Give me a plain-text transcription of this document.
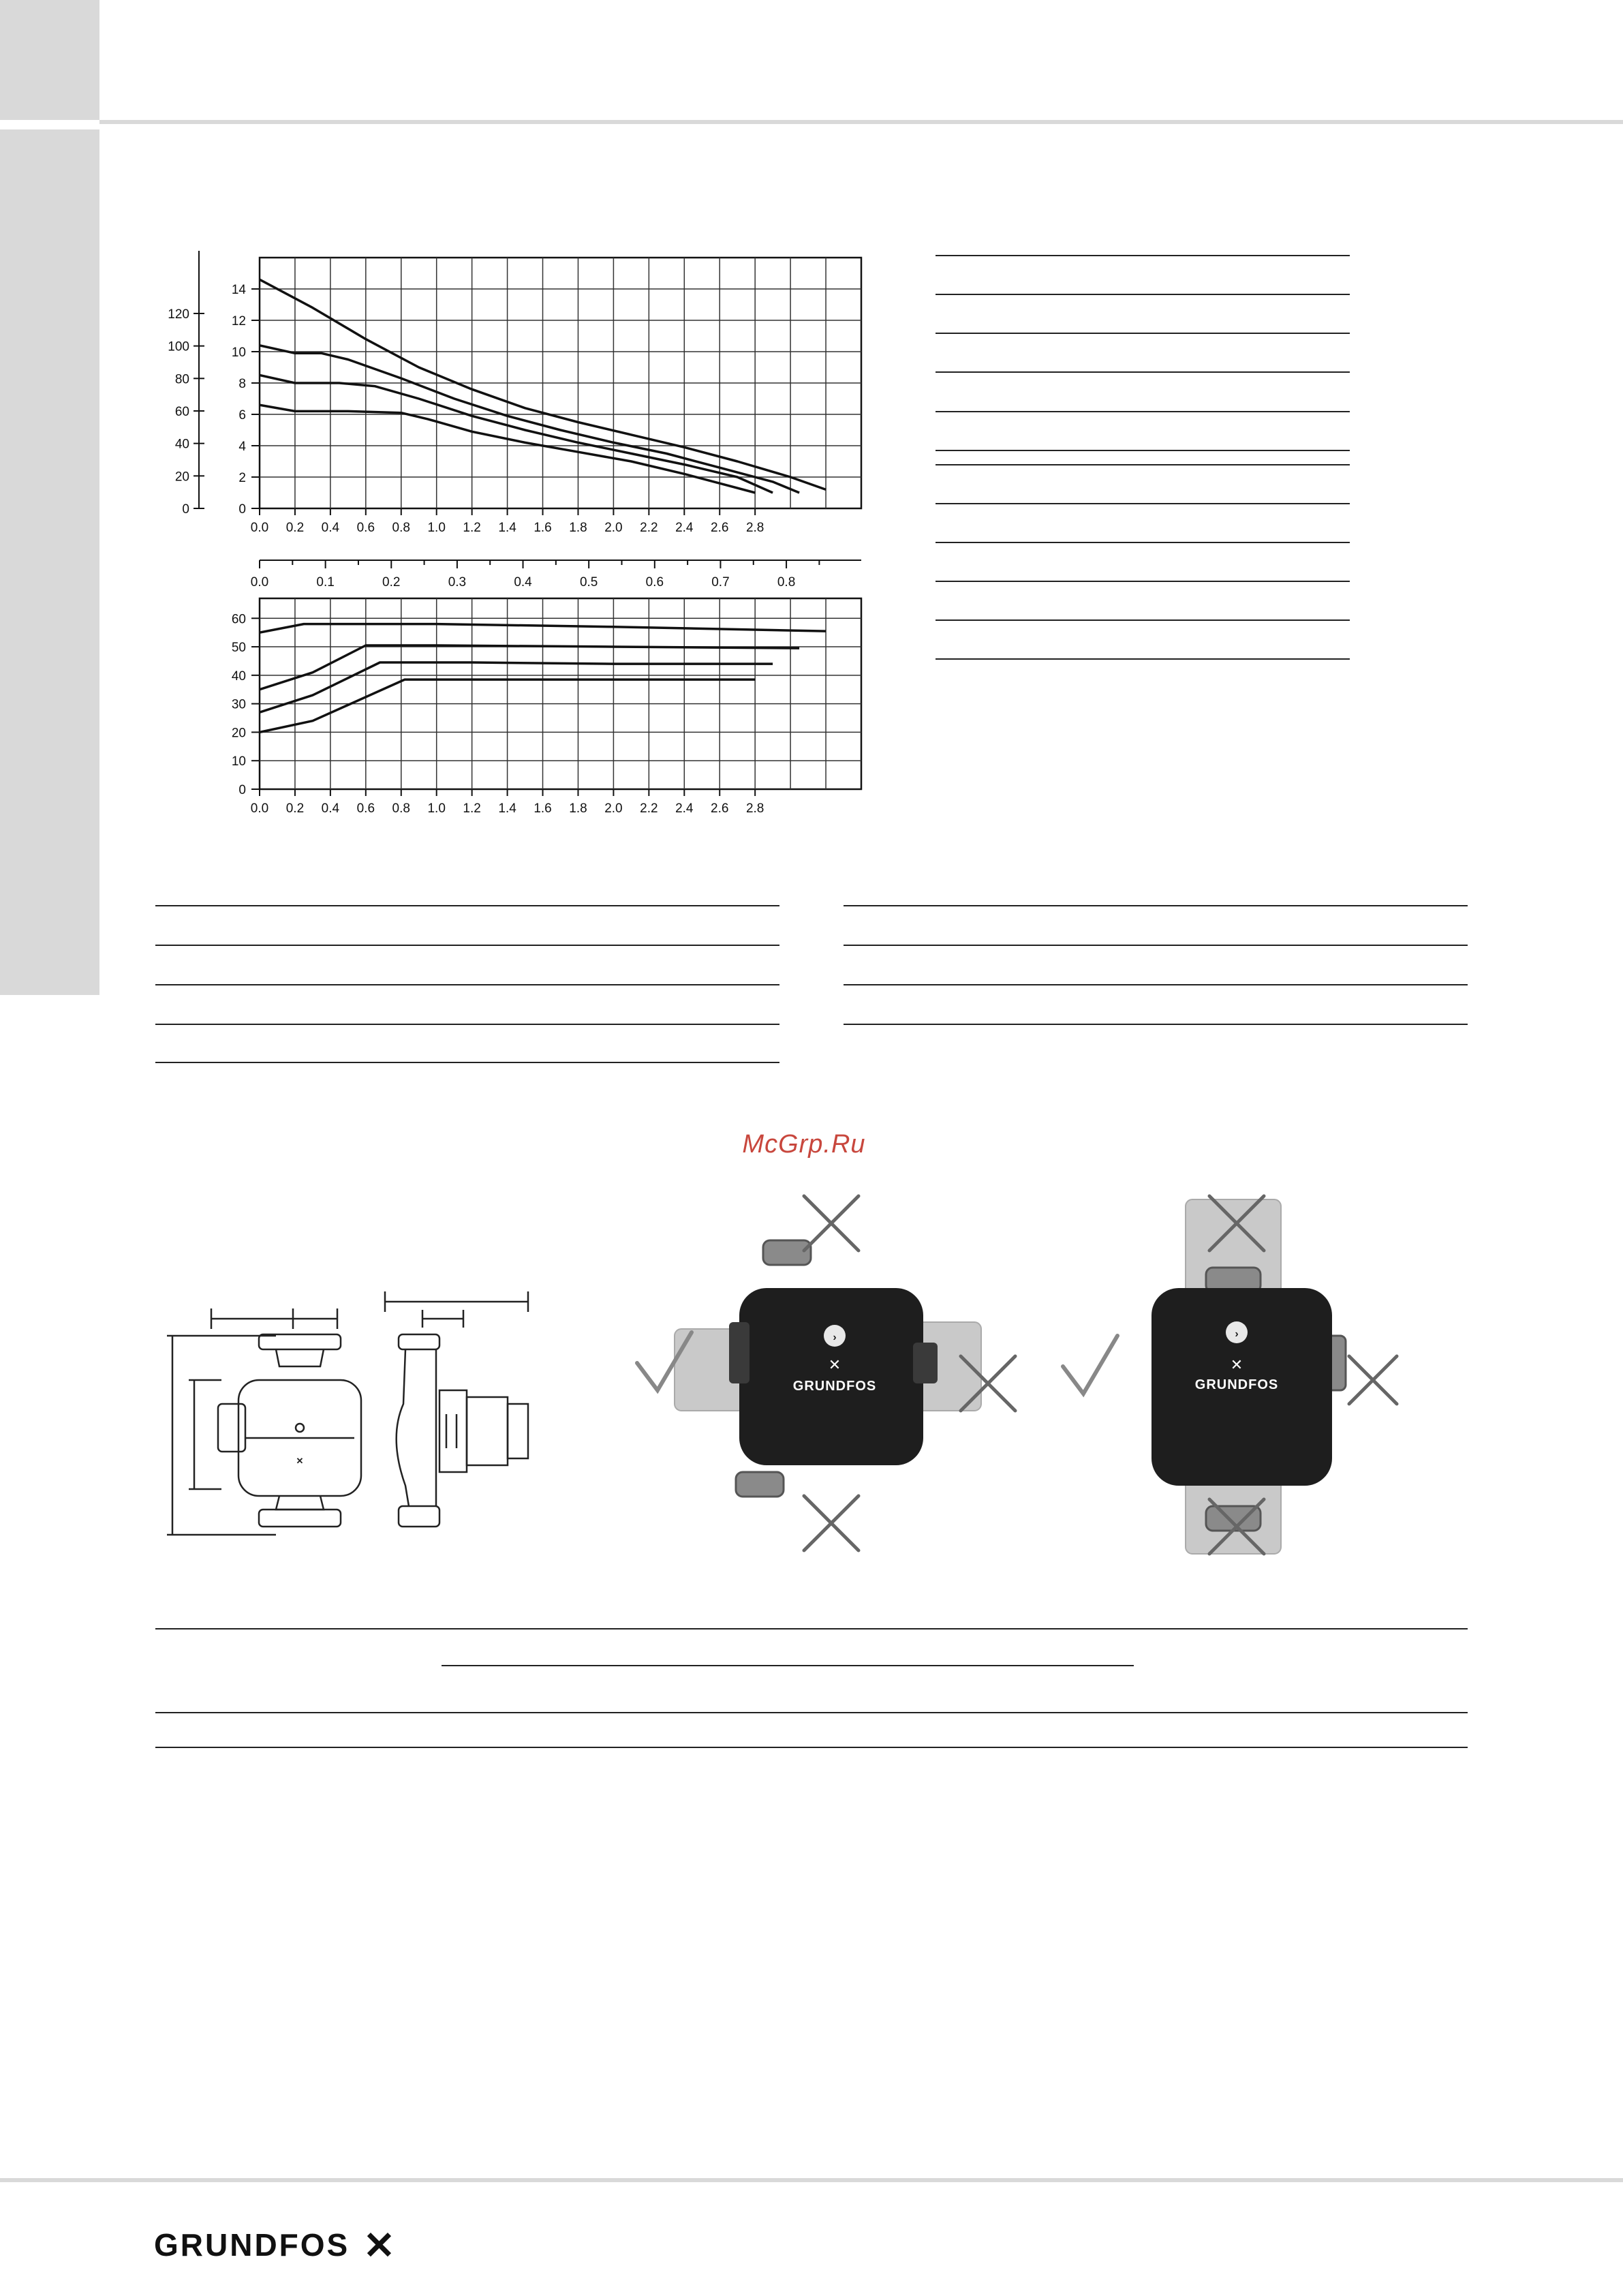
0.0 0.2 0.4 0.6 0.8 1.0 1.2 1.4 1.6 1.8 2.0 2.2 2.4 2.6 2.8
0
2
4
6
8
10
12
14
0
20
40
60
80
100
120
0.0	0.1	0.2	0.3	0.4	0.5	0.6	0.7	0.8
0.0 0.2 0.4 0.6 0.8 1.0 1.2 1.4 1.6 1.8 2.0 2.2 2.4 2.6 2.8
0
10
20
30
40
50
60
McGrp.Ru
✕
›
✕
GRUNDFOS
›
✕
GRUNDFOS
GRUNDFOS ✕
